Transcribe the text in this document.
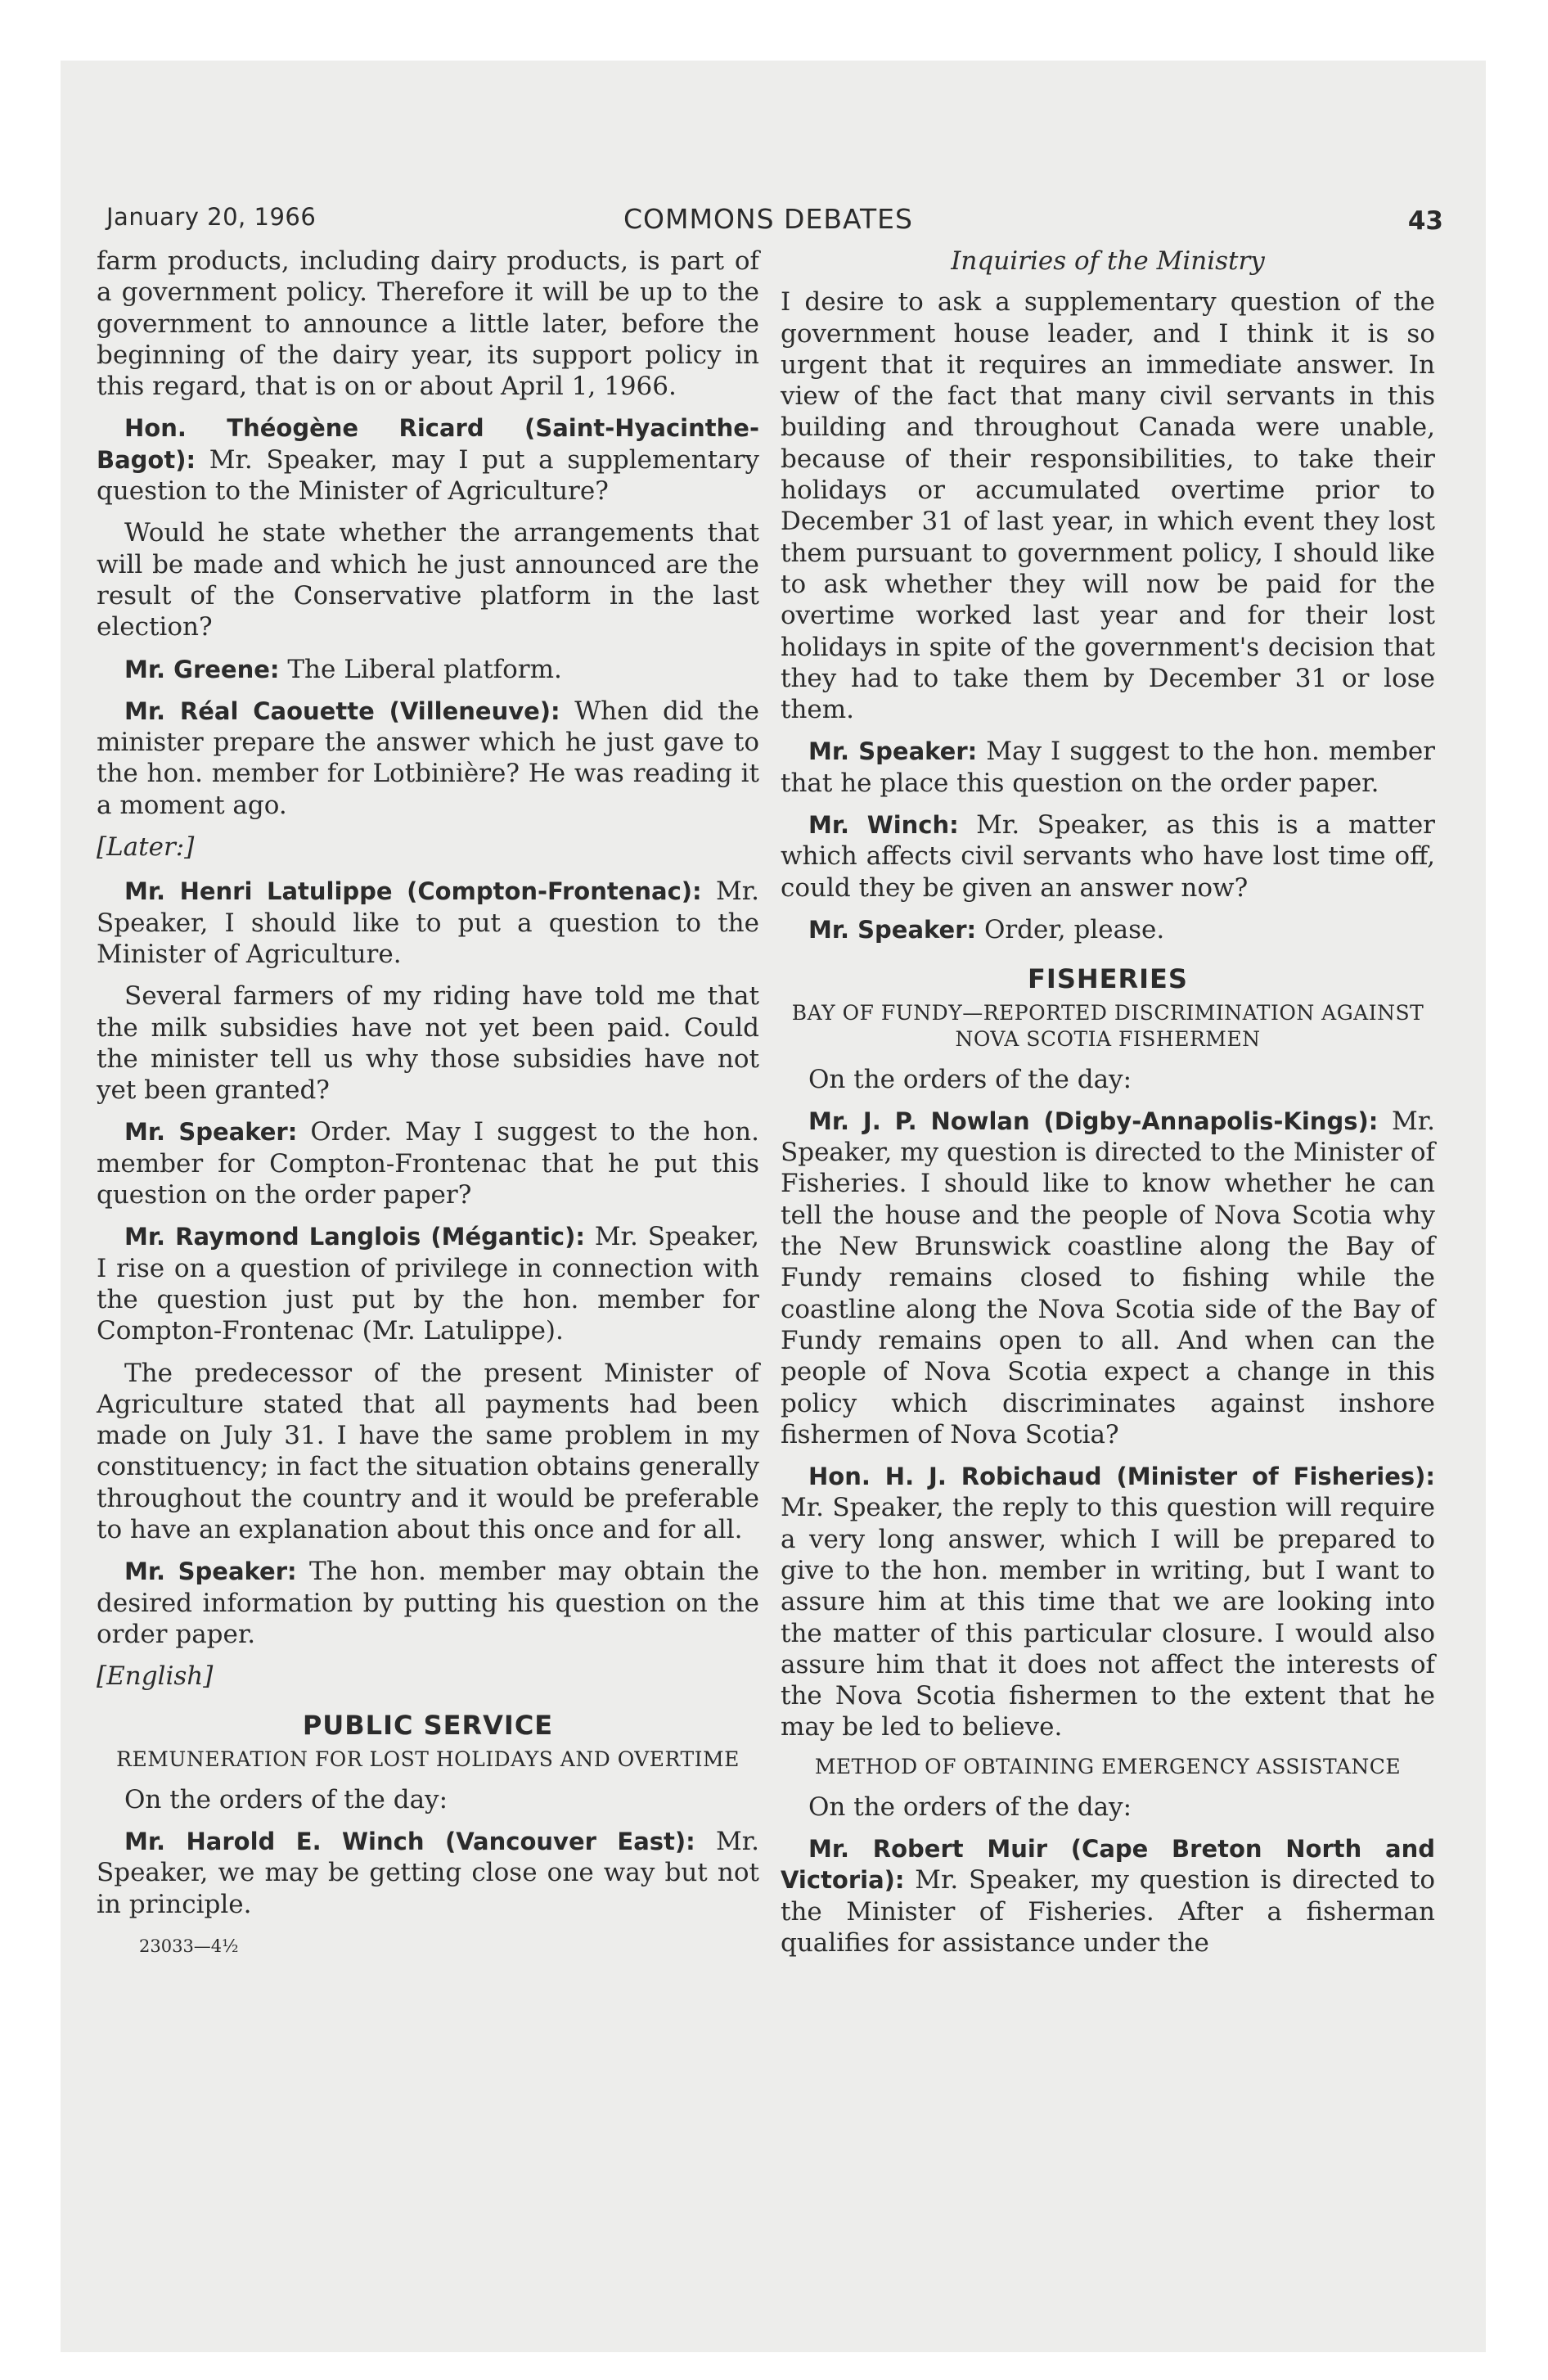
January 20, 1966	COMMONS DEBATES	43

farm products, including dairy products, is part of a government policy. Therefore it will be up to the government to announce a little later, before the beginning of the dairy year, its support policy in this regard, that is on or about April 1, 1966.

Hon. Théogène Ricard (Saint-Hyacinthe-Bagot): Mr. Speaker, may I put a supplementary question to the Minister of Agriculture?

Would he state whether the arrangements that will be made and which he just announced are the result of the Conservative platform in the last election?

Mr. Greene: The Liberal platform.

Mr. Réal Caouette (Villeneuve): When did the minister prepare the answer which he just gave to the hon. member for Lotbinière? He was reading it a moment ago.

[Later:]

Mr. Henri Latulippe (Compton-Frontenac): Mr. Speaker, I should like to put a question to the Minister of Agriculture.

Several farmers of my riding have told me that the milk subsidies have not yet been paid. Could the minister tell us why those subsidies have not yet been granted?

Mr. Speaker: Order. May I suggest to the hon. member for Compton-Frontenac that he put this question on the order paper?

Mr. Raymond Langlois (Mégantic): Mr. Speaker, I rise on a question of privilege in connection with the question just put by the hon. member for Compton-Frontenac (Mr. Latulippe).

The predecessor of the present Minister of Agriculture stated that all payments had been made on July 31. I have the same problem in my constituency; in fact the situation obtains generally throughout the country and it would be preferable to have an explanation about this once and for all.

Mr. Speaker: The hon. member may obtain the desired information by putting his question on the order paper.

[English]

PUBLIC SERVICE
REMUNERATION FOR LOST HOLIDAYS AND OVERTIME

On the orders of the day:

Mr. Harold E. Winch (Vancouver East): Mr. Speaker, we may be getting close one way but not in principle.

23033—4½
Inquiries of the Ministry

I desire to ask a supplementary question of the government house leader, and I think it is so urgent that it requires an immediate answer. In view of the fact that many civil servants in this building and throughout Canada were unable, because of their responsibilities, to take their holidays or accumulated overtime prior to December 31 of last year, in which event they lost them pursuant to government policy, I should like to ask whether they will now be paid for the overtime worked last year and for their lost holidays in spite of the government's decision that they had to take them by December 31 or lose them.

Mr. Speaker: May I suggest to the hon. member that he place this question on the order paper.

Mr. Winch: Mr. Speaker, as this is a matter which affects civil servants who have lost time off, could they be given an answer now?

Mr. Speaker: Order, please.

FISHERIES
BAY OF FUNDY—REPORTED DISCRIMINATION AGAINST NOVA SCOTIA FISHERMEN

On the orders of the day:

Mr. J. P. Nowlan (Digby-Annapolis-Kings): Mr. Speaker, my question is directed to the Minister of Fisheries. I should like to know whether he can tell the house and the people of Nova Scotia why the New Brunswick coastline along the Bay of Fundy remains closed to fishing while the coastline along the Nova Scotia side of the Bay of Fundy remains open to all. And when can the people of Nova Scotia expect a change in this policy which discriminates against inshore fishermen of Nova Scotia?

Hon. H. J. Robichaud (Minister of Fisheries): Mr. Speaker, the reply to this question will require a very long answer, which I will be prepared to give to the hon. member in writing, but I want to assure him at this time that we are looking into the matter of this particular closure. I would also assure him that it does not affect the interests of the Nova Scotia fishermen to the extent that he may be led to believe.

METHOD OF OBTAINING EMERGENCY ASSISTANCE

On the orders of the day:

Mr. Robert Muir (Cape Breton North and Victoria): Mr. Speaker, my question is directed to the Minister of Fisheries. After a fisherman qualifies for assistance under the
